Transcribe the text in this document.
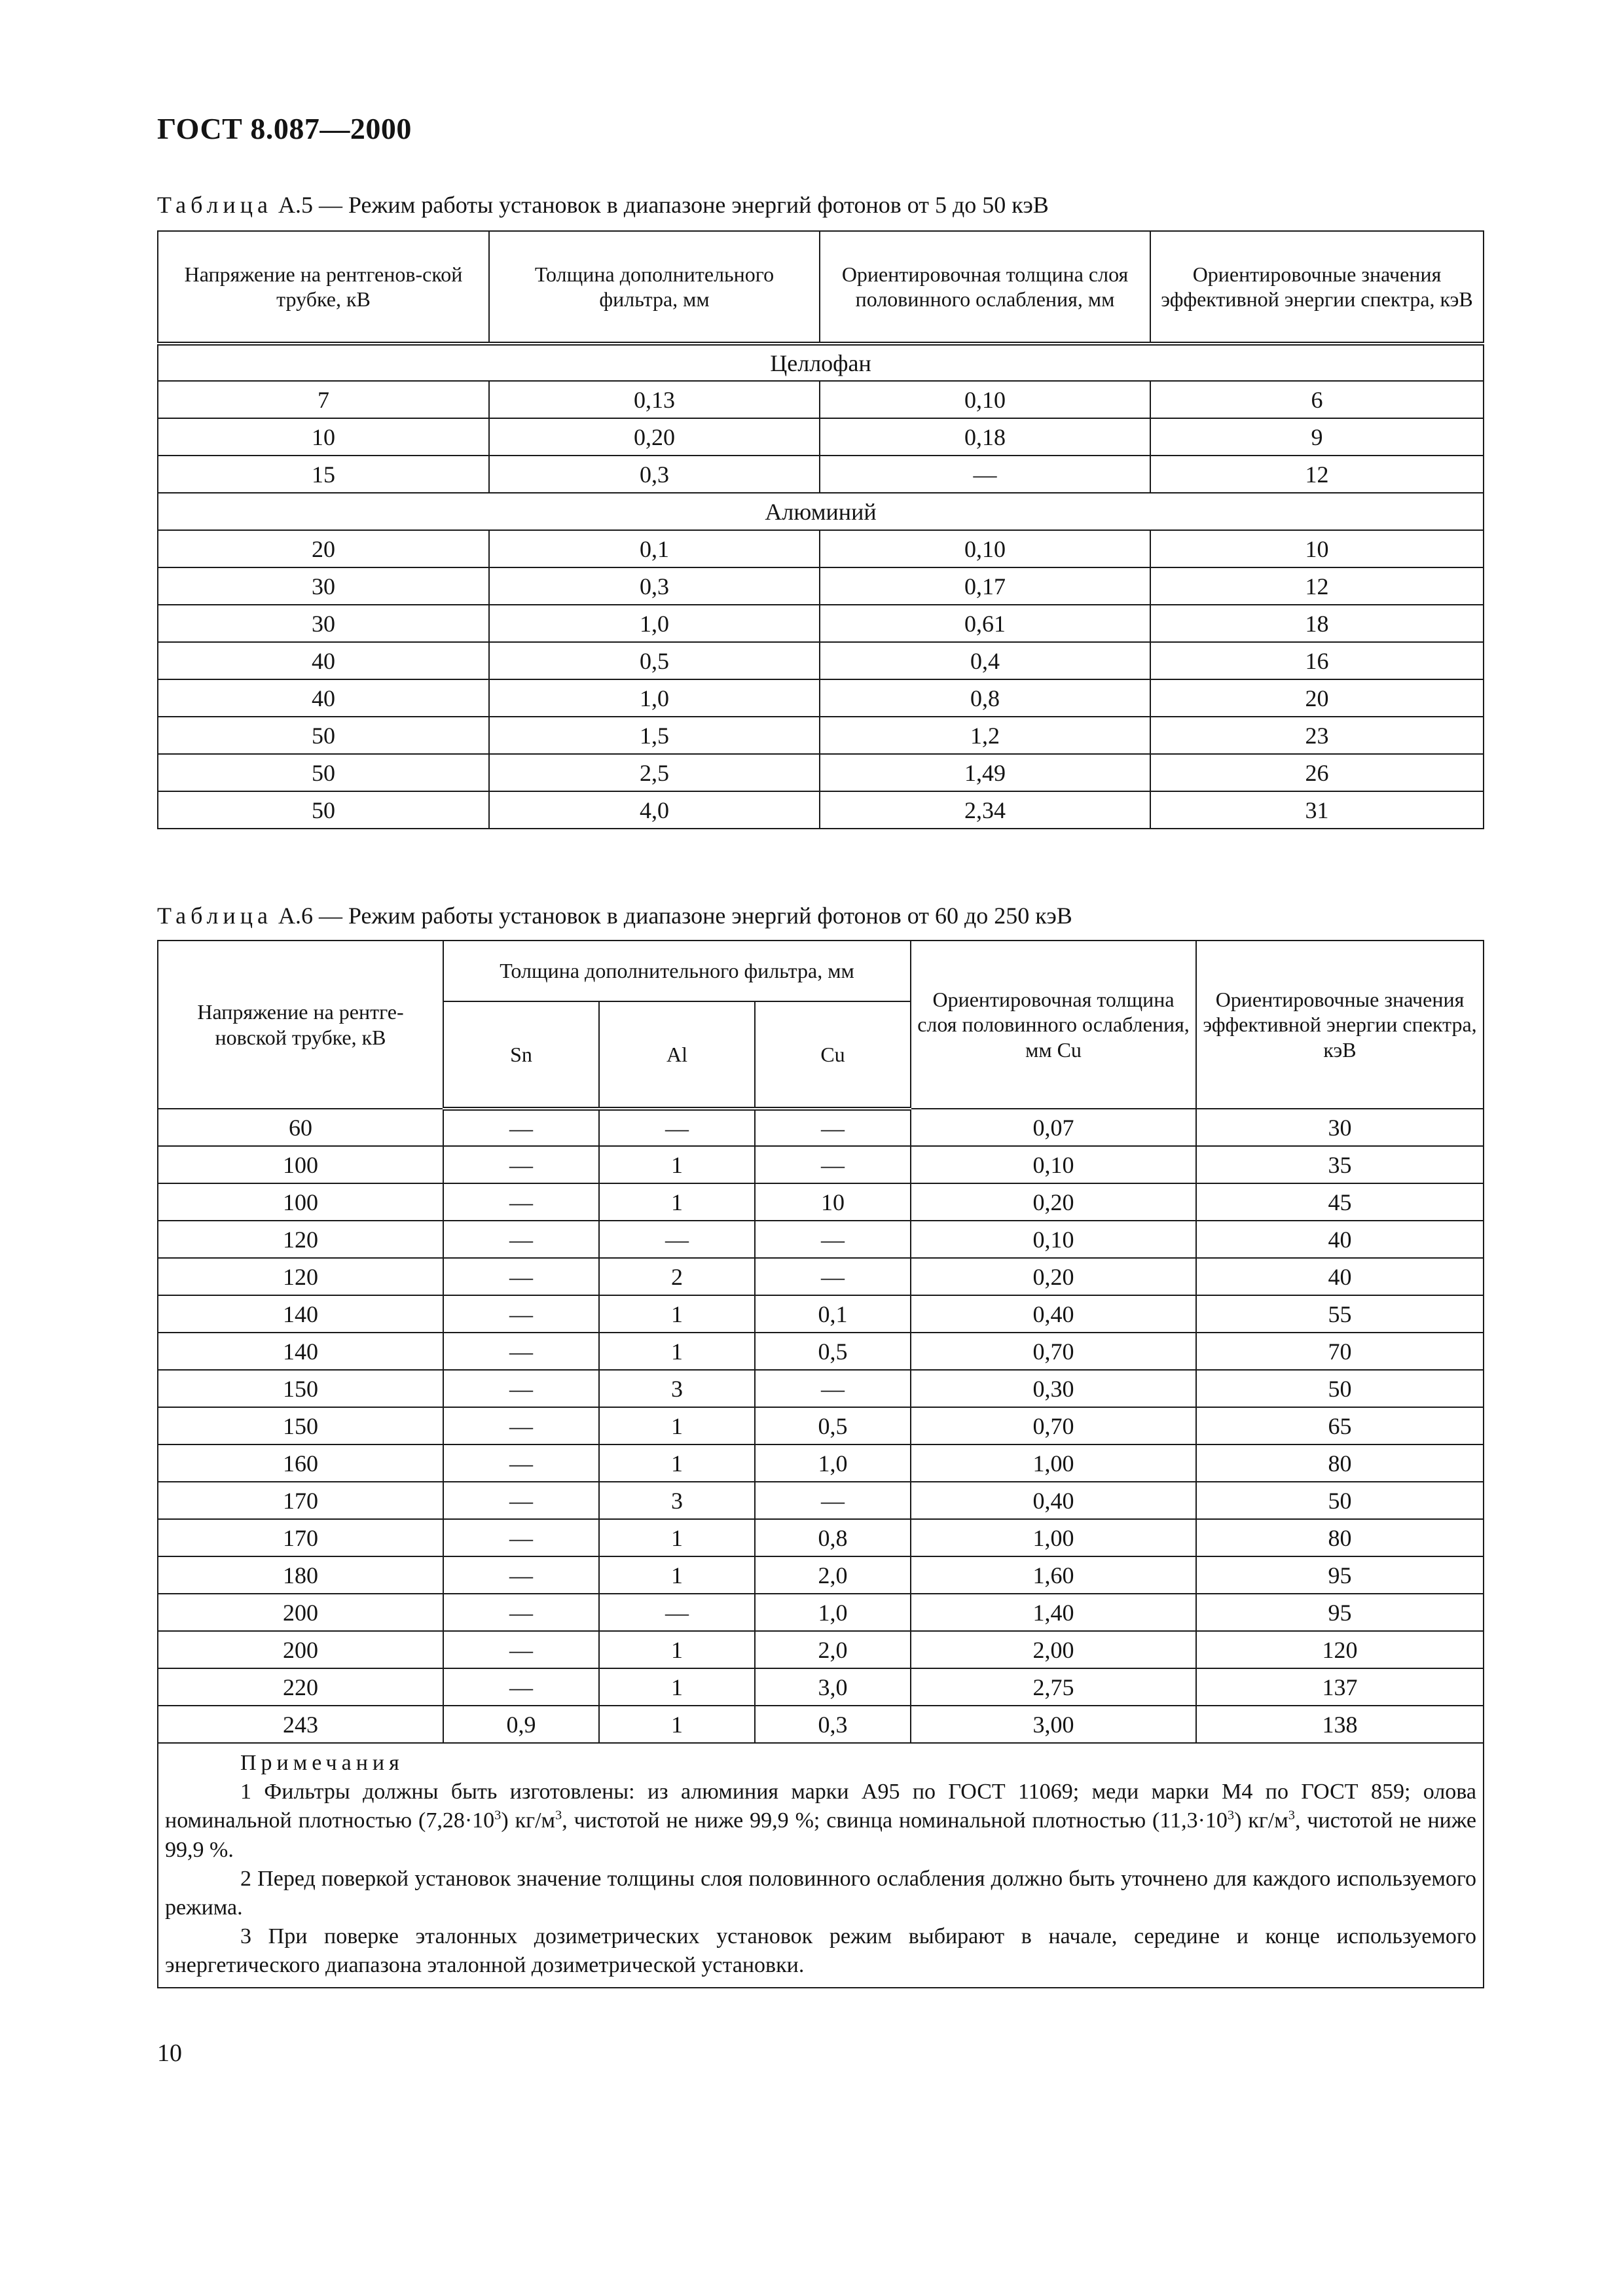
ГОСТ 8.087—2000
Таблица А.5 — Режим работы установок в диапазоне энергий фотонов от 5 до 50 кэВ
Напряжение на рентгенов-ской трубке, кВ	Толщина дополнительного фильтра, мм	Ориентировочная толщина слоя половинного ослабления, мм	Ориентировочные значения эффективной энергии спектра, кэВ
Целлофан			
7	0,13	0,10	6
10	0,20	0,18	9
15	0,3	—	12
Алюминий			
20	0,1	0,10	10
30	0,3	0,17	12
30	1,0	0,61	18
40	0,5	0,4	16
40	1,0	0,8	20
50	1,5	1,2	23
50	2,5	1,49	26
50	4,0	2,34	31
Таблица А.6 — Режим работы установок в диапазоне энергий фотонов от 60 до 250 кэВ
Напряжение на рентге-новской трубке, кВ	Толщина дополнительного фильтра, мм			Ориентировочная толщина слоя половинного ослабления, мм Cu	Ориентировочные значения эффективной энергии спектра, кэВ
	Sn	Al	Cu		
60	—	—	—	0,07	30
100	—	1	—	0,10	35
100	—	1	10	0,20	45
120	—	—	—	0,10	40
120	—	2	—	0,20	40
140	—	1	0,1	0,40	55
140	—	1	0,5	0,70	70
150	—	3	—	0,30	50
150	—	1	0,5	0,70	65
160	—	1	1,0	1,00	80
170	—	3	—	0,40	50
170	—	1	0,8	1,00	80
180	—	1	2,0	1,60	95
200	—	—	1,0	1,40	95
200	—	1	2,0	2,00	120
220	—	1	3,0	2,75	137
243	0,9	1	0,3	3,00	138

Примечания

1 Фильтры должны быть изготовлены: из алюминия марки А95 по ГОСТ 11069; меди марки М4 по ГОСТ 859; олова номинальной плотностью $(7,28\cdot 10^3)$ $кг/м^3$, чистотой не ниже 99,9 %; свинца номинальной плотностью $(11,3\cdot 10^3)$ $кг/м^3$, чистотой не ниже 99,9 %.

2 Перед поверкой установок значение толщины слоя половинного ослабления должно быть уточнено для каждого используемого режима.

3 При поверке эталонных дозиметрических установок режим выбирают в начале, середине и конце используемого энергетического диапазона эталонной дозиметрической установки.					

10
